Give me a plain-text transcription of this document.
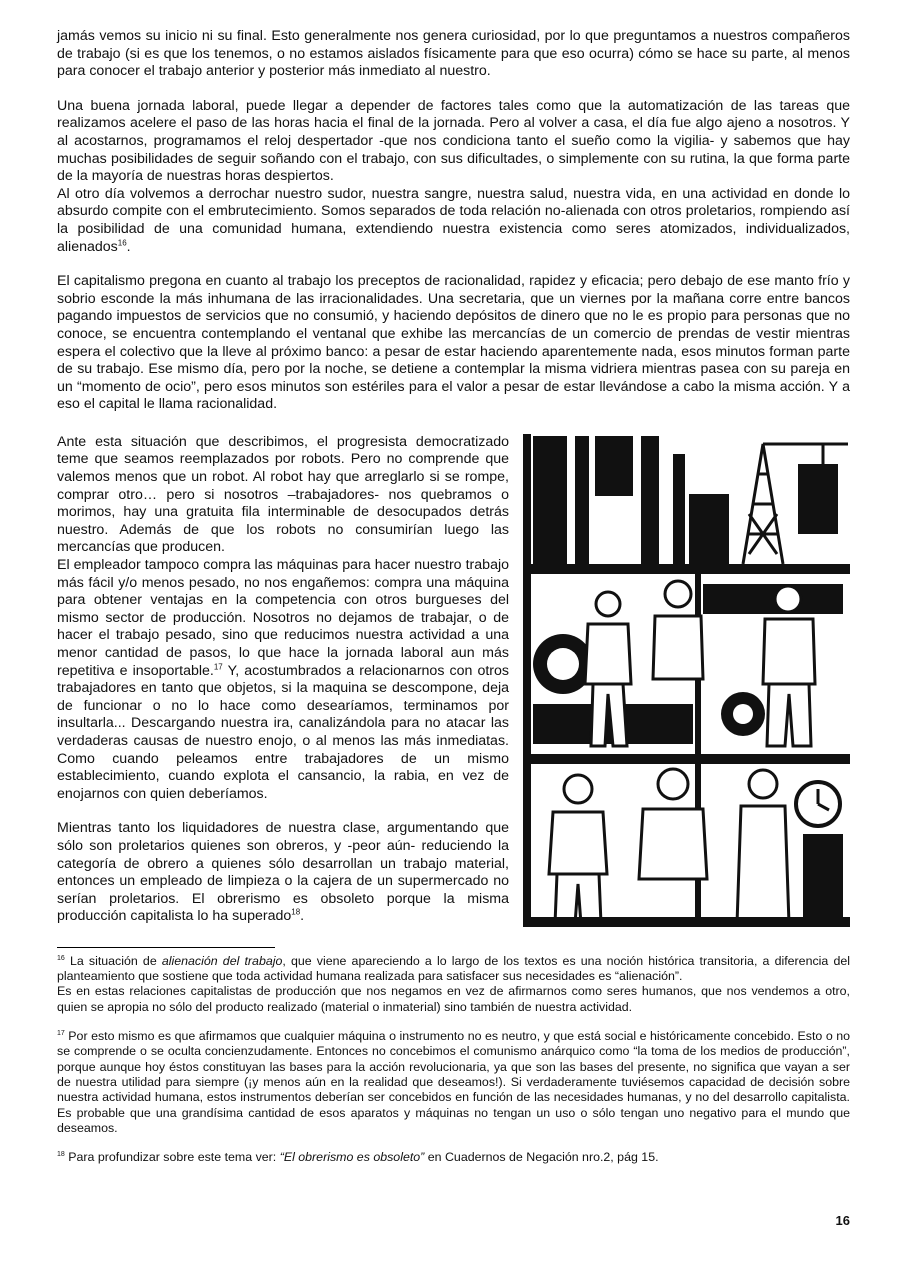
jamás vemos su inicio ni su final. Esto generalmente nos genera curiosidad, por lo que preguntamos a nuestros compañeros de trabajo (si es que los tenemos, o no estamos aislados físicamente para que eso ocurra) cómo se hace su parte, al menos para conocer el trabajo anterior y posterior más inmediato al nuestro.

Una buena jornada laboral, puede llegar a depender de factores tales como que la automatización de las tareas que realizamos acelere el paso de las horas hacia el final de la jornada. Pero al volver a casa, el día fue algo ajeno a nosotros. Y al acostarnos, programamos el reloj despertador -que nos condiciona tanto el sueño como la vigilia- y sabemos que hay muchas posibilidades de seguir soñando con el trabajo, con sus dificultades, o simplemente con su rutina, la que forma parte de la mayoría de nuestras horas despiertos.

Al otro día volvemos a derrochar nuestro sudor, nuestra sangre, nuestra salud, nuestra vida, en una actividad en donde lo absurdo compite con el embrutecimiento. Somos separados de toda relación no-alienada con otros proletarios, rompiendo así la posibilidad de una comunidad humana, extendiendo nuestra existencia como seres atomizados, individualizados, alienados$^{16}$.

El capitalismo pregona en cuanto al trabajo los preceptos de racionalidad, rapidez y eficacia; pero debajo de ese manto frío y sobrio esconde la más inhumana de las irracionalidades. Una secretaria, que un viernes por la mañana corre entre bancos pagando impuestos de servicios que no consumió, y haciendo depósitos de dinero que no le es propio para personas que no conoce, se encuentra contemplando el ventanal que exhibe las mercancías de un comercio de prendas de vestir mientras espera el colectivo que la lleve al próximo banco: a pesar de estar haciendo aparentemente nada, esos minutos forman parte de su trabajo. Ese mismo día, pero por la noche, se detiene a contemplar la misma vidriera mientras pasea con su pareja en un “momento de ocio”, pero esos minutos son estériles para el valor a pesar de estar llevándose a cabo la misma acción. Y a eso el capital le llama racionalidad.

Ante esta situación que describimos, el progresista democratizado teme que seamos reemplazados por robots. Pero no comprende que valemos menos que un robot. Al robot hay que arreglarlo si se rompe, comprar otro… pero si nosotros –trabajadores- nos quebramos o morimos, hay una gratuita fila interminable de desocupados detrás nuestro. Además de que los robots no consumirían luego las mercancías que producen.

El empleador tampoco compra las máquinas para hacer nuestro trabajo más fácil y/o menos pesado, no nos engañemos: compra una máquina para obtener ventajas en la competencia con otros burgueses del mismo sector de producción. Nosotros no dejamos de trabajar, o de hacer el trabajo pesado, sino que reducimos nuestra actividad a una menor cantidad de pasos, lo que hace la jornada laboral aun más repetitiva e insoportable.$^{17}$ Y, acostumbrados a relacionarnos con otros trabajadores en tanto que objetos, si la maquina se descompone, deja de funcionar o no lo hace como desearíamos, terminamos por insultarla... Descargando nuestra ira, canalizándola para no atacar las verdaderas causas de nuestro enojo, o al menos las más inmediatas. Como cuando peleamos entre trabajadores de un mismo establecimiento, cuando explota el cansancio, la rabia, en vez de enojarnos con quien deberíamos.

Mientras tanto los liquidadores de nuestra clase, argumentando que sólo son proletarios quienes son obreros, y -peor aún- reduciendo la categoría de obrero a quienes sólo desarrollan un trabajo material, entonces un empleado de limpieza o la cajera de un supermercado no serían proletarios. El obrerismo es obsoleto porque la misma producción capitalista lo ha superado$^{18}$.

$^{16}$ La situación de alienación del trabajo, que viene apareciendo a lo largo de los textos es una noción histórica transitoria, a diferencia del planteamiento que sostiene que toda actividad humana realizada para satisfacer sus necesidades es “alienación”.

Es en estas relaciones capitalistas de producción que nos negamos en vez de afirmarnos como seres humanos, que nos vendemos a otro, quien se apropia no sólo del producto realizado (material o inmaterial) sino también de nuestra actividad.

$^{17}$ Por esto mismo es que afirmamos que cualquier máquina o instrumento no es neutro, y que está social e históricamente concebido. Esto o no se comprende o se oculta concienzudamente. Entonces no concebimos el comunismo anárquico como “la toma de los medios de producción”, porque aunque hoy éstos constituyan las bases para la acción revolucionaria, ya que son las bases del presente, no significa que vayan a ser de nuestra utilidad para siempre (¡y menos aún en la realidad que deseamos!). Si verdaderamente tuviésemos capacidad de decisión sobre nuestra actividad humana, estos instrumentos deberían ser concebidos en función de las necesidades humanas, y no del desarrollo capitalista. Es probable que una grandísima cantidad de esos aparatos y máquinas no tengan un uso o sólo tengan uno negativo para el mundo que deseamos.

$^{18}$ Para profundizar sobre este tema ver: “El obrerismo es obsoleto” en Cuadernos de Negación nro.2, pág 15.

16
